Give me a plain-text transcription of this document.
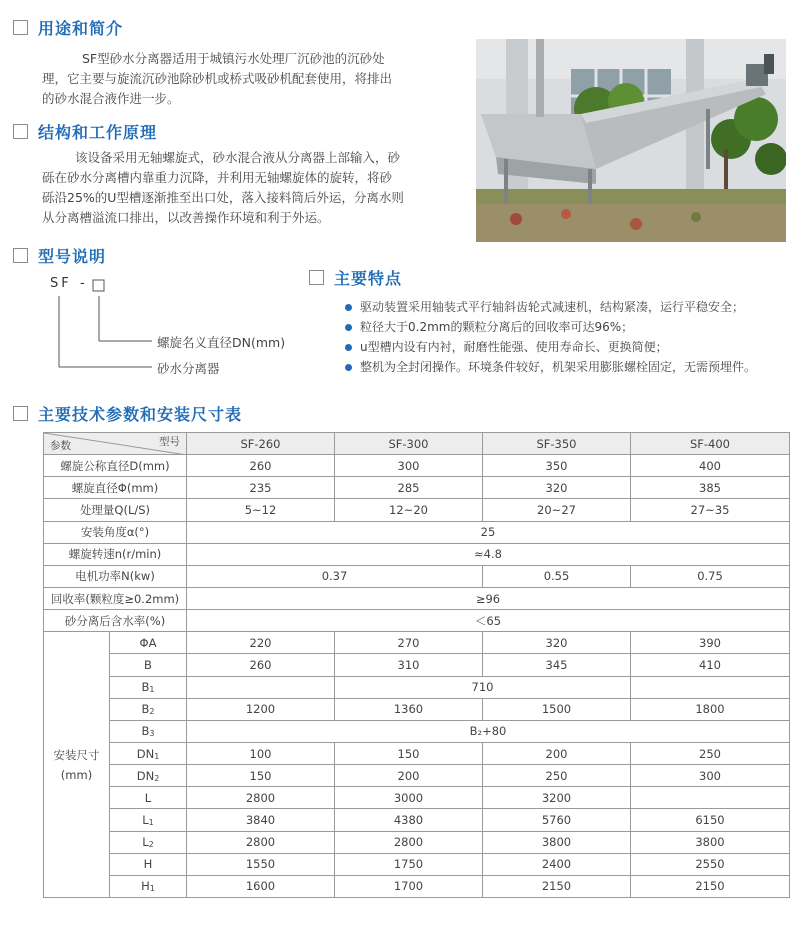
用途和简介
SF型砂水分离器适用于城镇污水处理厂沉砂池的沉砂处
理，它主要与旋流沉砂池除砂机或桥式吸砂机配套使用，将排出
的砂水混合液作进一步。
结构和工作原理
该设备采用无轴螺旋式，砂水混合液从分离器上部输入，砂
砾在砂水分离槽内靠重力沉降，并利用无轴螺旋体的旋转，将砂
砾沿25%的U型槽逐渐推至出口处，落入接料筒后外运，分离水则
从分离槽溢流口排出，以改善操作环境和利于外运。
型号说明
SF -
螺旋名义直径DN(mm)
砂水分离器
主要特点
驱动装置采用轴装式平行轴斜齿轮式减速机，结构紧凑，运行平稳安全；
粒径大于0.2mm的颗粒分离后的回收率可达96%；
u型槽内设有内衬，耐磨性能强、使用寿命长、更换简便；
整机为全封闭操作。环境条件较好，机架采用膨胀螺栓固定，无需预埋件。
主要技术参数和安装尺寸表
型号
参数		SF-260	SF-300	SF-350	SF-400
螺旋公称直径D(mm)		260	300	350	400
螺旋直径Φ(mm)		235	285	320	385
处理量Q(L/S)		5~12	12~20	20~27	27~35
安装角度α(°)		25			
螺旋转速n(r/min)		≈4.8			
电机功率N(kw)		0.37		0.55	0.75
回收率(颗粒度≥0.2mm)		≥96			
砂分离后含水率(%)		＜65			

安装尺寸
(mm)	ΦA	220	270	320	390
	B	260	310	345	410
	B1		710		
	B2	1200	1360	1500	1800
	B3	B₂+80			
	DN1	100	150	200	250
	DN2	150	200	250	300
	L	2800	3000	3200	
	L1	3840	4380	5760	6150
	L2	2800	2800	3800	3800
	H	1550	1750	2400	2550
	H1	1600	1700	2150	2150
